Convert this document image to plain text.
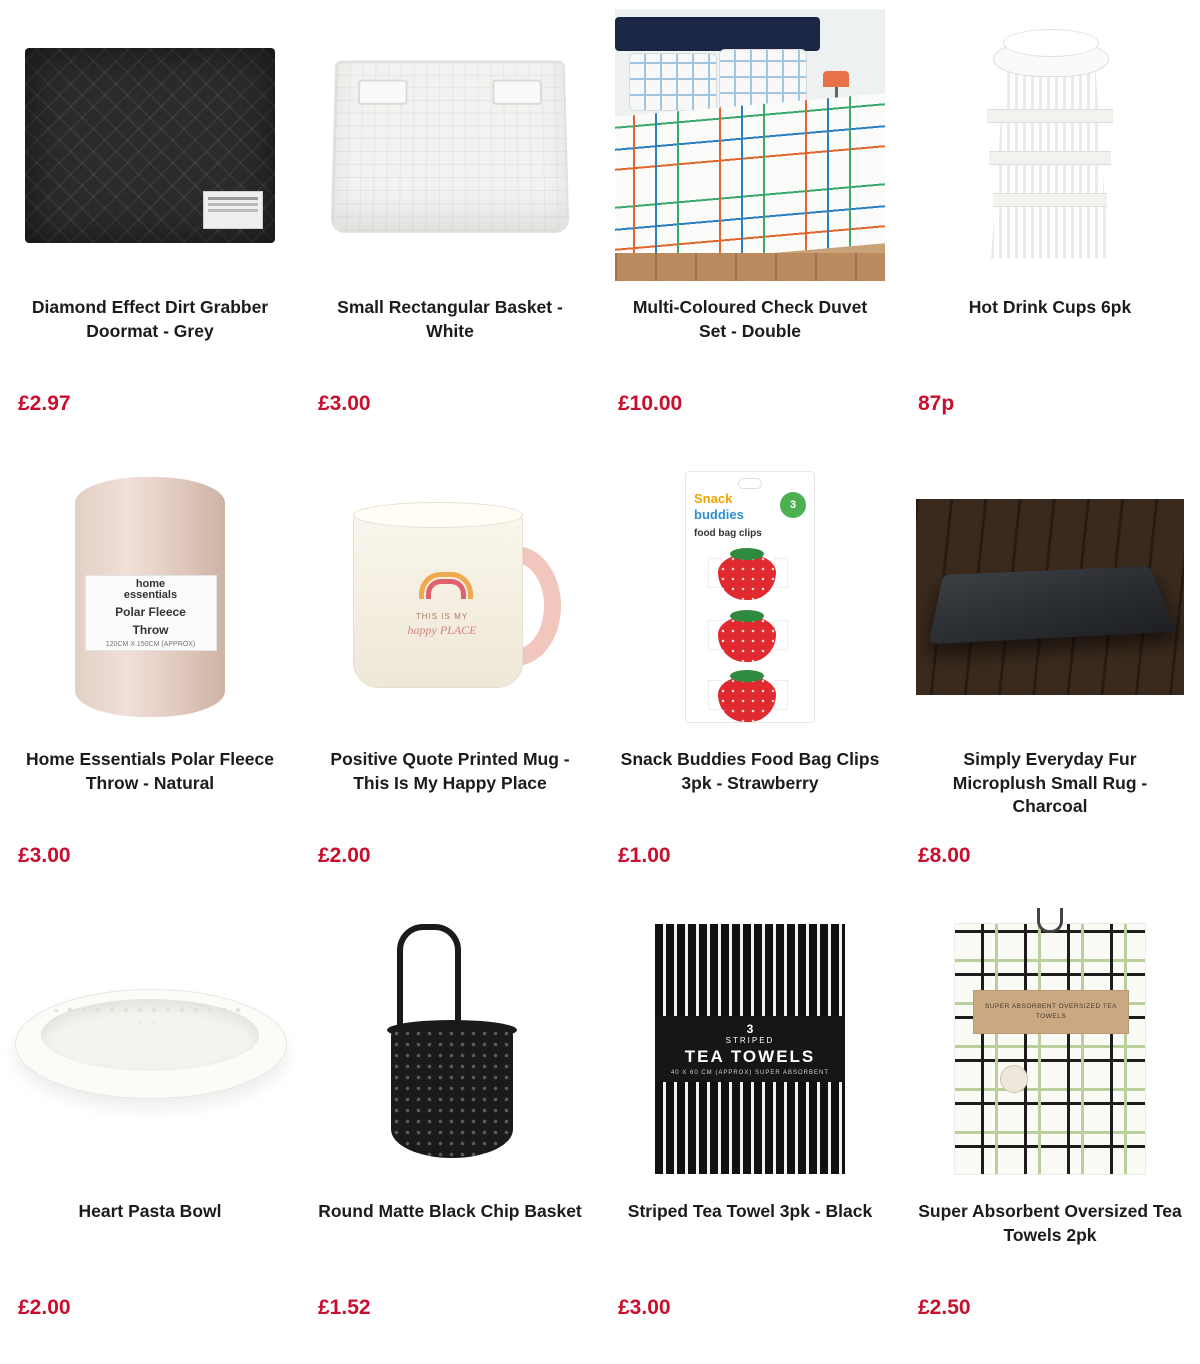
Diamond Effect Dirt Grabber Doormat - Grey
£2.97
Small Rectangular Basket - White
£3.00
Multi-Coloured Check Duvet Set - Double
£10.00
Hot Drink Cups 6pk
87p
home
essentials
Polar Fleece
Throw
120CM X 150CM (APPROX)
Home Essentials Polar Fleece Throw - Natural
£3.00
THIS IS MY
happy PLACE
Positive Quote Printed Mug - This Is My Happy Place
£2.00
Snack
buddies
3
food bag clips
Snack Buddies Food Bag Clips 3pk - Strawberry
£1.00
Simply Everyday Fur Microplush Small Rug - Charcoal
£8.00
Heart Pasta Bowl
£2.00
Round Matte Black Chip Basket
£1.52
3
STRIPED
TEA TOWELS
40 X 60 CM (APPROX) SUPER ABSORBENT
Striped Tea Towel 3pk - Black
£3.00
SUPER ABSORBENT OVERSIZED TEA TOWELS
Super Absorbent Oversized Tea Towels 2pk
£2.50
